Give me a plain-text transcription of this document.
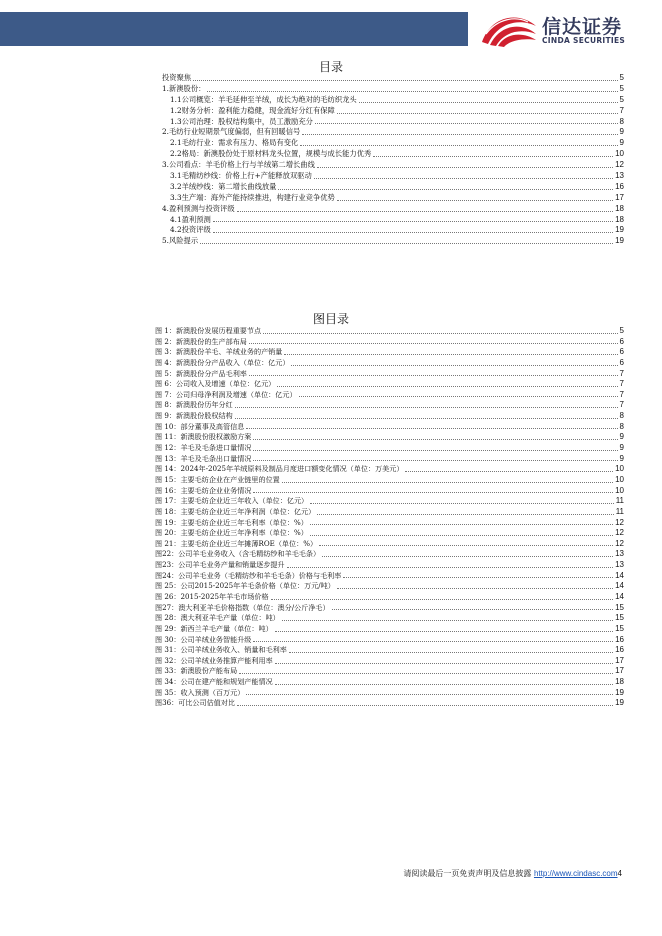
信达证券
CINDA SECURITIES
目录
投资聚焦	5
1.新澳股份：	5
1.1公司概览：羊毛延伸至羊绒，成长为绝对的毛纺织龙头	5
1.2财务分析：盈利能力稳健，现金流好分红有保障	7
1.3公司治理：股权结构集中，员工激励充分	8
2.毛纺行业短期景气度偏弱，但有回暖信号	9
2.1毛纺行业：需求有压力、格局有变化	9
2.2格局：新澳股份处于原材料龙头位置，规模与成长能力优秀	10
3.公司看点：羊毛价格上行与羊绒第二增长曲线	12
3.1毛精纺纱线：价格上行+产能释放双驱动	13
3.2羊绒纱线：第二增长曲线放量	16
3.3生产端：海外产能持续推进，构建行业竞争优势	17
4.盈利预测与投资评级	18
4.1盈利预测	18
4.2投资评级	19
5.风险提示	19
图目录
图 1：新澳股份发展历程重要节点	5
图 2：新澳股份的生产部布局	6
图 3：新澳股份羊毛、羊绒业务的产销量	6
图 4：新澳股份分产品收入（单位：亿元）	6
图 5：新澳股份分产品毛利率	7
图 6：公司收入及增速（单位：亿元）	7
图 7：公司归母净利润及增速（单位：亿元）	7
图 8：新澳股份历年分红	7
图 9：新澳股份股权结构	8
图 10：部分董事及高管信息	8
图 11：新澳股份股权激励方案	9
图 12：羊毛及毛条进口量情况	9
图 13：羊毛及毛条出口量情况	9
图 14：2024年-2025年羊绒原料及制品月度进口额变化情况（单位：万美元）	10
图 15：主要毛纺企业在产业链里的位置	10
图 16：主要毛纺企业业务情况	10
图 17：主要毛纺企业近三年收入（单位：亿元）	11
图 18：主要毛纺企业近三年净利润（单位：亿元）	11
图 19：主要毛纺企业近三年毛利率（单位：%）	12
图 20：主要毛纺企业近三年净利率（单位：%）	12
图 21：主要毛纺企业近三年摊薄ROE（单位：%）	12
图22：公司羊毛业务收入（含毛精纺纱和羊毛毛条）	13
图23：公司羊毛业务产量和销量逐步提升	13
图24：公司羊毛业务（毛精纺纱和羊毛毛条）价格与毛利率	14
图 25：公司2015-2025年羊毛条价格（单位：万元/吨）	14
图 26：2015-2025年羊毛市场价格	14
图27：澳大利亚羊毛价格指数（单位：澳分/公斤净毛）	15
图 28：澳大利亚羊毛产量（单位：吨）	15
图 29：新西兰羊毛产量（单位：吨）	15
图 30：公司羊绒业务智能升级	16
图 31：公司羊绒业务收入、销量和毛利率	16
图 32：公司羊绒业务推算产能利用率	17
图 33：新澳股份产能布局	17
图 34：公司在建产能和规划产能情况	18
图 35：收入预测（百万元）	19
图36：可比公司估值对比	19
请阅读最后一页免责声明及信息披露 http://www.cindasc.com4
